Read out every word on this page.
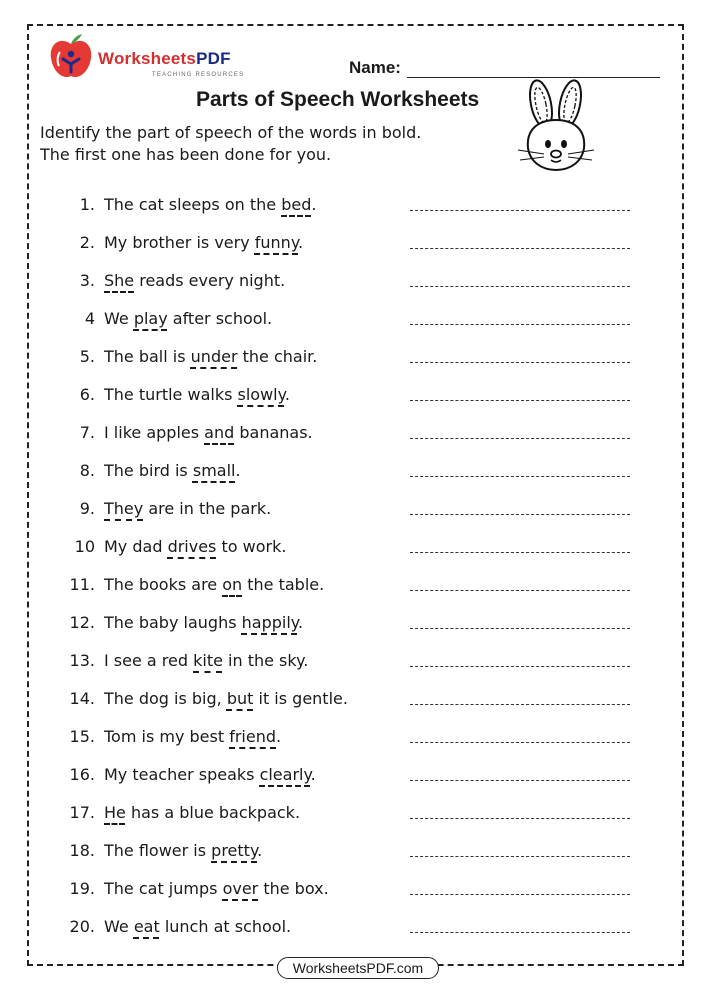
WorksheetsPDF
TEACHING RESOURCES	Name:
Parts of Speech Worksheets
Identify the part of speech of the words in bold.
The first one has been done for you.
1. The cat sleeps on the bed.
2. My brother is very funny.
3. She reads every night.
4 We play after school.
5. The ball is under the chair.
6. The turtle walks slowly.
7. I like apples and bananas.
8. The bird is small.
9. They are in the park.
10 My dad drives to work.
11. The books are on the table.
12. The baby laughs happily.
13. I see a red kite in the sky.
14. The dog is big, but it is gentle.
15. Tom is my best friend.
16. My teacher speaks clearly.
17. He has a blue backpack.
18. The flower is pretty.
19. The cat jumps over the box.
20. We eat lunch at school.
WorksheetsPDF.com
